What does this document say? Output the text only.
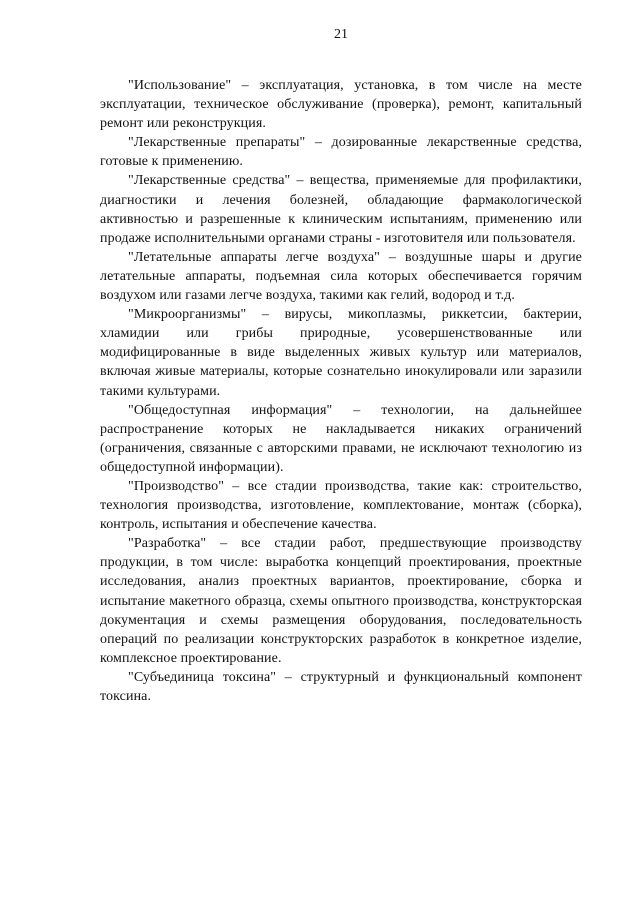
21

"Использование" – эксплуатация, установка, в том числе на месте эксплуатации, техническое обслуживание (проверка), ремонт, капитальный ремонт или реконструкция.

"Лекарственные препараты" – дозированные лекарственные средства, готовые к применению.

"Лекарственные средства" – вещества, применяемые для профилактики, диагностики и лечения болезней, обладающие фармакологической активностью и разрешенные к клиническим испытаниям, применению или продаже исполнительными органами страны - изготовителя или пользователя.

"Летательные аппараты легче воздуха" – воздушные шары и другие летательные аппараты, подъемная сила которых обеспечивается горячим воздухом или газами легче воздуха, такими как гелий, водород и т.д.

"Микроорганизмы" – вирусы, микоплазмы, риккетсии, бактерии, хламидии или грибы природные, усовершенствованные или модифицированные в виде выделенных живых культур или материалов, включая живые материалы, которые сознательно инокулировали или заразили такими культурами.

"Общедоступная информация" – технологии, на дальнейшее распространение которых не накладывается никаких ограничений (ограничения, связанные с авторскими правами, не исключают технологию из общедоступной информации).

"Производство" – все стадии производства, такие как: строительство, технология производства, изготовление, комплектование, монтаж (сборка), контроль, испытания и обеспечение качества.

"Разработка" – все стадии работ, предшествующие производству продукции, в том числе: выработка концепций проектирования, проектные исследования, анализ проектных вариантов, проектирование, сборка и испытание макетного образца, схемы опытного производства, конструкторская документация и схемы размещения оборудования, последовательность операций по реализации конструкторских разработок в конкретное изделие, комплексное проектирование.

"Субъединица токсина" – структурный и функциональный компонент токсина.
